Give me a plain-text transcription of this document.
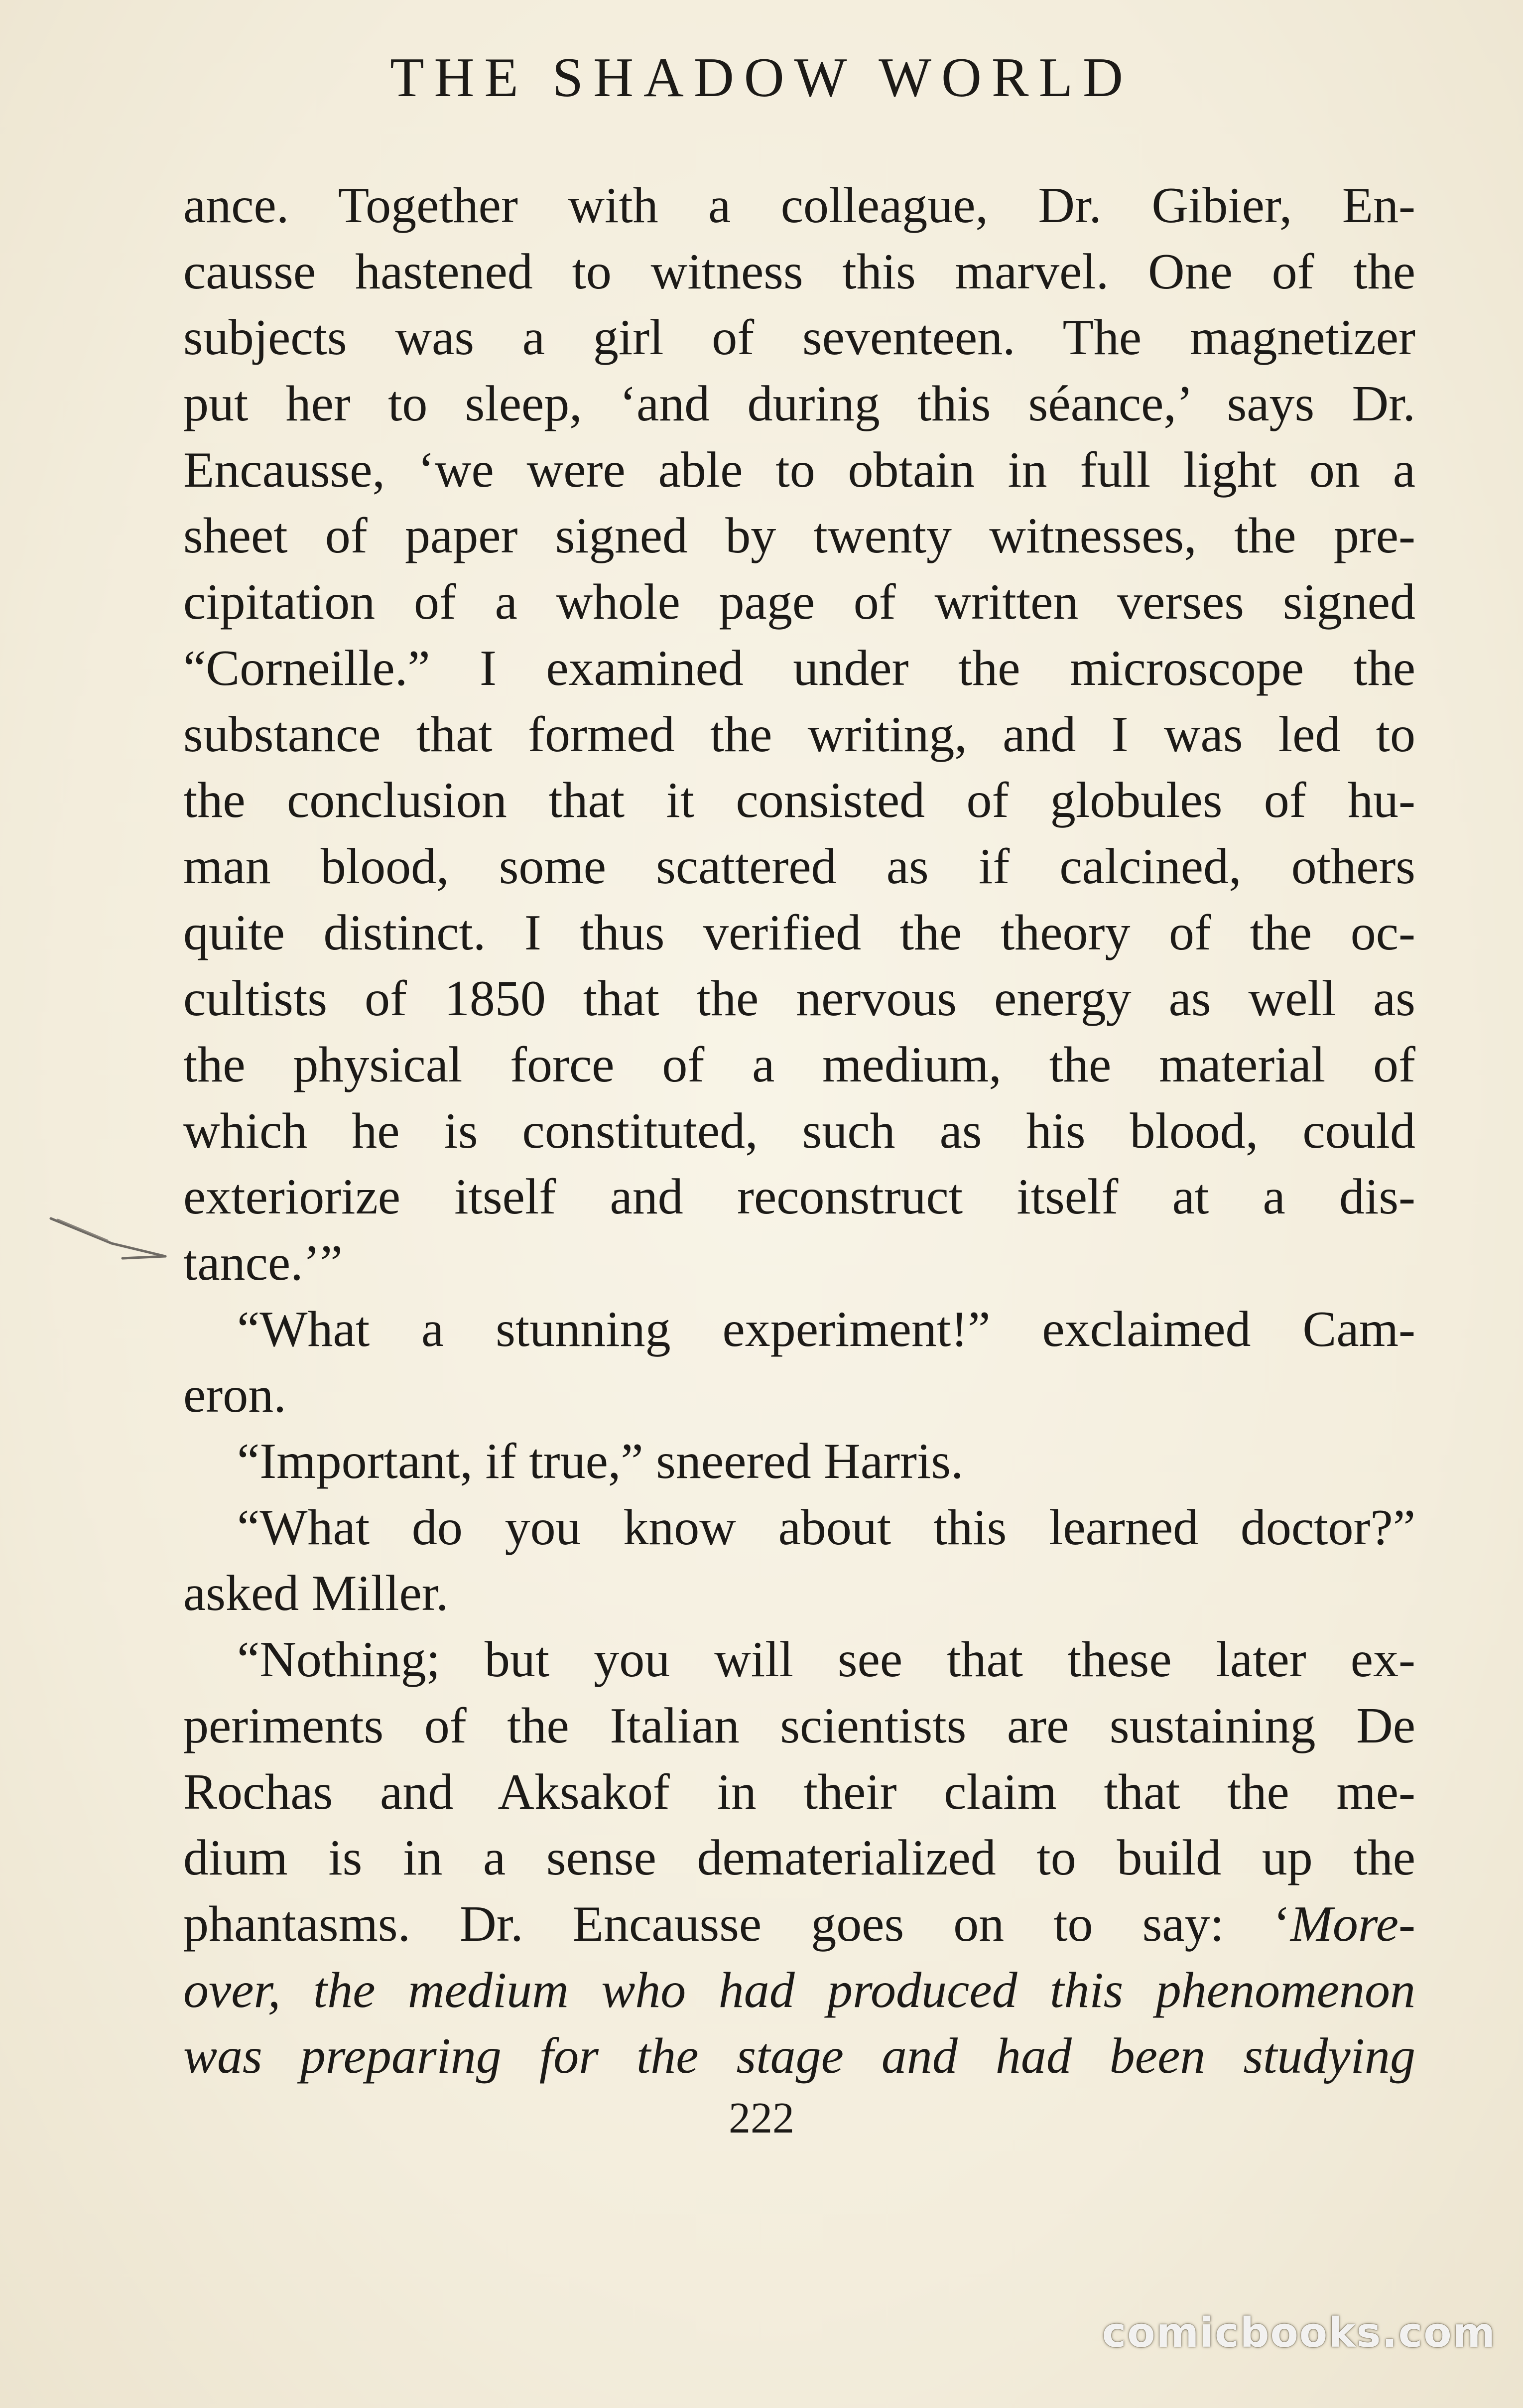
THE SHADOW WORLD
ance. Together with a colleague, Dr. Gibier, En-
causse hastened to witness this marvel. One of the
subjects was a girl of seventeen. The magnetizer
put her to sleep, ‘and during this séance,’ says Dr.
Encausse, ‘we were able to obtain in full light on a
sheet of paper signed by twenty witnesses, the pre-
cipitation of a whole page of written verses signed
“Corneille.” I examined under the microscope the
substance that formed the writing, and I was led to
the conclusion that it consisted of globules of hu-
man blood, some scattered as if calcined, others
quite distinct. I thus verified the theory of the oc-
cultists of 1850 that the nervous energy as well as
the physical force of a medium, the material of
which he is constituted, such as his blood, could
exteriorize itself and reconstruct itself at a dis-
tance.’”
“What a stunning experiment!” exclaimed Cam-
eron.
“Important, if true,” sneered Harris.
“What do you know about this learned doctor?”
asked Miller.
“Nothing; but you will see that these later ex-
periments of the Italian scientists are sustaining De
Rochas and Aksakof in their claim that the me-
dium is in a sense dematerialized to build up the
phantasms. Dr. Encausse goes on to say: ‘More-
over, the medium who had produced this phenomenon
was preparing for the stage and had been studying
222
comicbooks.com
